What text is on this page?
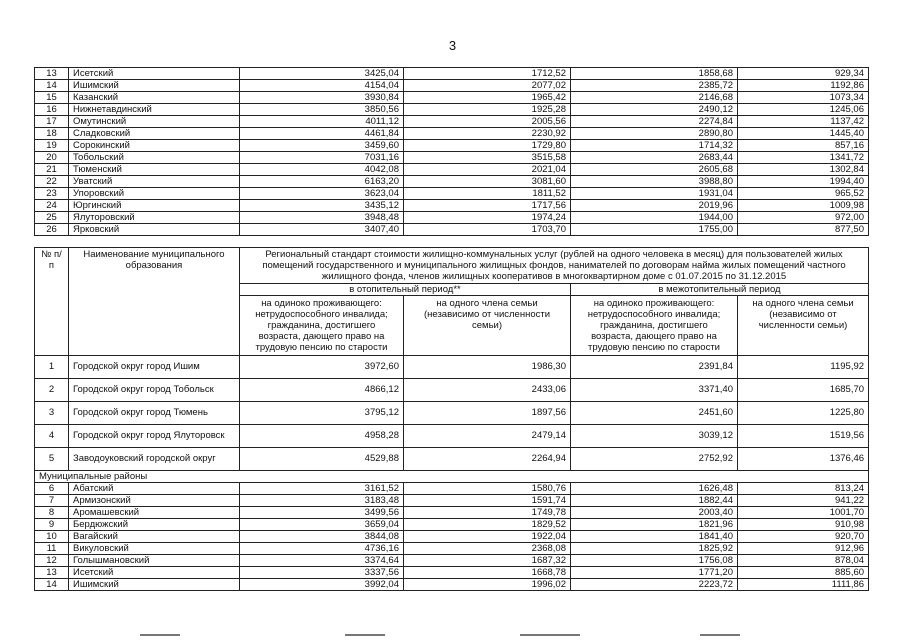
3
13	Исетский	3425,04	1712,52	1858,68	929,34
14	Ишимский	4154,04	2077,02	2385,72	1192,86
15	Казанский	3930,84	1965,42	2146,68	1073,34
16	Нижнетавдинский	3850,56	1925,28	2490,12	1245,06
17	Омутинский	4011,12	2005,56	2274,84	1137,42
18	Сладковский	4461,84	2230,92	2890,80	1445,40
19	Сорокинский	3459,60	1729,80	1714,32	857,16
20	Тобольский	7031,16	3515,58	2683,44	1341,72
21	Тюменский	4042,08	2021,04	2605,68	1302,84
22	Уватский	6163,20	3081,60	3988,80	1994,40
23	Упоровский	3623,04	1811,52	1931,04	965,52
24	Юргинский	3435,12	1717,56	2019,96	1009,98
25	Ялуторовский	3948,48	1974,24	1944,00	972,00
26	Ярковский	3407,40	1703,70	1755,00	877,50
№ п/п	Наименование муниципального образования	Региональный стандарт стоимости жилищно-коммунальных услуг (рублей на одного человека в месяц) для пользователей жилых помещений государственного и муниципального жилищных фондов, нанимателей по договорам найма жилых помещений частного жилищного фонда, членов жилищных кооперативов в многоквартирном доме с 01.07.2015 по 31.12.2015			
		в отопительный период**		в межотопительный период	
		на одиноко проживающего: нетрудоспособного инвалида; гражданина, достигшего возраста, дающего право на трудовую пенсию по старости	на одного члена семьи (независимо от численности семьи)	на одиноко проживающего: нетрудоспособного инвалида; гражданина, достигшего возраста, дающего право на трудовую пенсию по старости	на одного члена семьи (независимо от численности семьи)
1	Городской округ город Ишим	3972,60	1986,30	2391,84	1195,92
2	Городской округ город Тобольск	4866,12	2433,06	3371,40	1685,70
3	Городской округ город Тюмень	3795,12	1897,56	2451,60	1225,80
4	Городской округ город Ялуторовск	4958,28	2479,14	3039,12	1519,56
5	Заводоуковский городской округ	4529,88	2264,94	2752,92	1376,46
Муниципальные районы					
6	Абатский	3161,52	1580,76	1626,48	813,24
7	Армизонский	3183,48	1591,74	1882,44	941,22
8	Аромашевский	3499,56	1749,78	2003,40	1001,70
9	Бердюжский	3659,04	1829,52	1821,96	910,98
10	Вагайский	3844,08	1922,04	1841,40	920,70
11	Викуловский	4736,16	2368,08	1825,92	912,96
12	Голышмановский	3374,64	1687,32	1756,08	878,04
13	Исетский	3337,56	1668,78	1771,20	885,60
14	Ишимский	3992,04	1996,02	2223,72	1111,86
